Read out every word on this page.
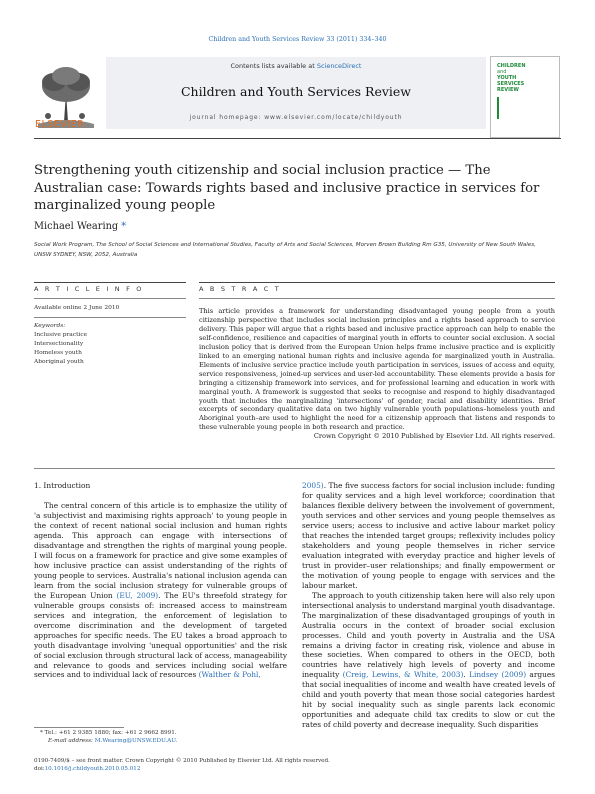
Children and Youth Services Review 33 (2011) 334–340
ELSEVIER
Contents lists available at ScienceDirect
Children and Youth Services Review
journal homepage: www.elsevier.com/locate/childyouth
CHILDREN
and
YOUTH
SERVICES
REVIEW
Strengthening youth citizenship and social inclusion practice — The Australian case: Towards rights based and inclusive practice in services for marginalized young people
Michael Wearing *
Social Work Program, The School of Social Sciences and International Studies, Faculty of Arts and Social Sciences, Morven Brown Building Rm G35, University of New South Wales, UNSW SYDNEY, NSW, 2052, Australia
A R T I C L E I N F O	A B S T R A C T
Available online 2 June 2010
Keywords:
Inclusive practice
Intersectionality
Homeless youth
Aboriginal youth
This article provides a framework for understanding disadvantaged young people from a youth citizenship perspective that includes social inclusion principles and a rights based approach to service delivery. This paper will argue that a rights based and inclusive practice approach can help to enable the self-confidence, resilience and capacities of marginal youth in efforts to counter social exclusion. A social inclusion policy that is derived from the European Union helps frame inclusive practice and is explicitly linked to an emerging national human rights and inclusive agenda for marginalized youth in Australia. Elements of inclusive service practice include youth participation in services, issues of access and equity, service responsiveness, joined-up services and user-led accountability. These elements provide a basis for bringing a citizenship framework into services, and for professional learning and education in work with marginal youth. A framework is suggested that seeks to recognise and respond to highly disadvantaged youth that includes the marginalizing 'intersections' of gender, racial and disability identities. Brief excerpts of secondary qualitative data on two highly vulnerable youth populations–homeless youth and Aboriginal youth–are used to highlight the need for a citizenship approach that listens and responds to these vulnerable young people in both research and practice.
Crown Copyright © 2010 Published by Elsevier Ltd. All rights reserved.
1. Introduction

The central concern of this article is to emphasize the utility of 'a subjectivist and maximising rights approach' to young people in the context of recent national social inclusion and human rights agenda. This approach can engage with intersections of disadvantage and strengthen the rights of marginal young people. I will focus on a framework for practice and give some examples of how inclusive practice can assist understanding of the rights of young people to services. Australia's national inclusion agenda can learn from the social inclusion strategy for vulnerable groups of the European Union (EU, 2009). The EU's threefold strategy for vulnerable groups consists of: increased access to mainstream services and integration, the enforcement of legislation to overcome discrimination and the development of targeted approaches for specific needs. The EU takes a broad approach to youth disadvantage involving 'unequal opportunities' and the risk of social exclusion through structural lack of access, manageability and relevance to goods and services including social welfare services and to individual lack of resources (Walther & Pohl,

2005). The five success factors for social inclusion include: funding for quality services and a high level workforce; coordination that balances flexible delivery between the involvement of government, youth services and other services and young people themselves as service users; access to inclusive and active labour market policy that reaches the intended target groups; reflexivity includes policy stakeholders and young people themselves in richer service evaluation integrated with everyday practice and higher levels of trust in provider–user relationships; and finally empowerment or the motivation of young people to engage with services and the labour market.

The approach to youth citizenship taken here will also rely upon intersectional analysis to understand marginal youth disadvantage. The marginalization of these disadvantaged groupings of youth in Australia occurs in the context of broader social exclusion processes. Child and youth poverty in Australia and the USA remains a driving factor in creating risk, violence and abuse in these societies. When compared to others in the OECD, both countries have relatively high levels of poverty and income inequality (Creig, Lewins, & White, 2003). Lindsey (2009) argues that social inequalities of income and wealth have created levels of child and youth poverty that mean those social categories hardest hit by social inequality such as single parents lack economic opportunities and adequate child tax credits to slow or cut the rates of child poverty and decrease inequality. Such disparities

* Tel.: +61 2 9385 1880; fax: +61 2 9662 8991.
E-mail address: M.Wearing@UNSW.EDU.AU.
0190-7409/$ – see front matter. Crown Copyright © 2010 Published by Elsevier Ltd. All rights reserved.
doi:10.1016/j.childyouth.2010.05.012
